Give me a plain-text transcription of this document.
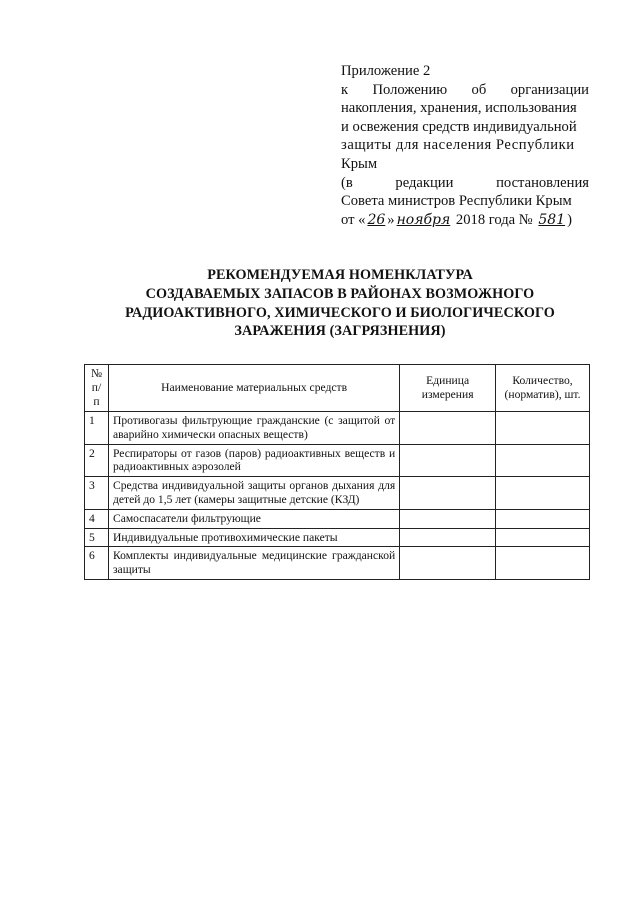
Приложение 2
к Положению об организации
накопления, хранения, использования
и освежения средств индивидуальной
защиты для населения Республики
Крым
(в	редакции	постановления
Совета министров Республики Крым
от « 26 » ноября 2018 года № 581 )
РЕКОМЕНДУЕМАЯ НОМЕНКЛАТУРА
СОЗДАВАЕМЫХ ЗАПАСОВ В РАЙОНАХ ВОЗМОЖНОГО
РАДИОАКТИВНОГО, ХИМИЧЕСКОГО И БИОЛОГИЧЕСКОГО
ЗАРАЖЕНИЯ (ЗАГРЯЗНЕНИЯ)
№ п/п	Наименование материальных средств	Единица измерения	Количество, (норматив), шт.
1	Противогазы фильтрующие гражданские (с защитой от аварийно химически опасных веществ)		
2	Респираторы от газов (паров) радиоактивных веществ и радиоактивных аэрозолей		
3	Средства индивидуальной защиты органов дыхания для детей до 1,5 лет (камеры защитные детские (КЗД)		
4	Самоспасатели фильтрующие		
5	Индивидуальные противохимические пакеты		
6	Комплекты индивидуальные медицинские гражданской защиты		
